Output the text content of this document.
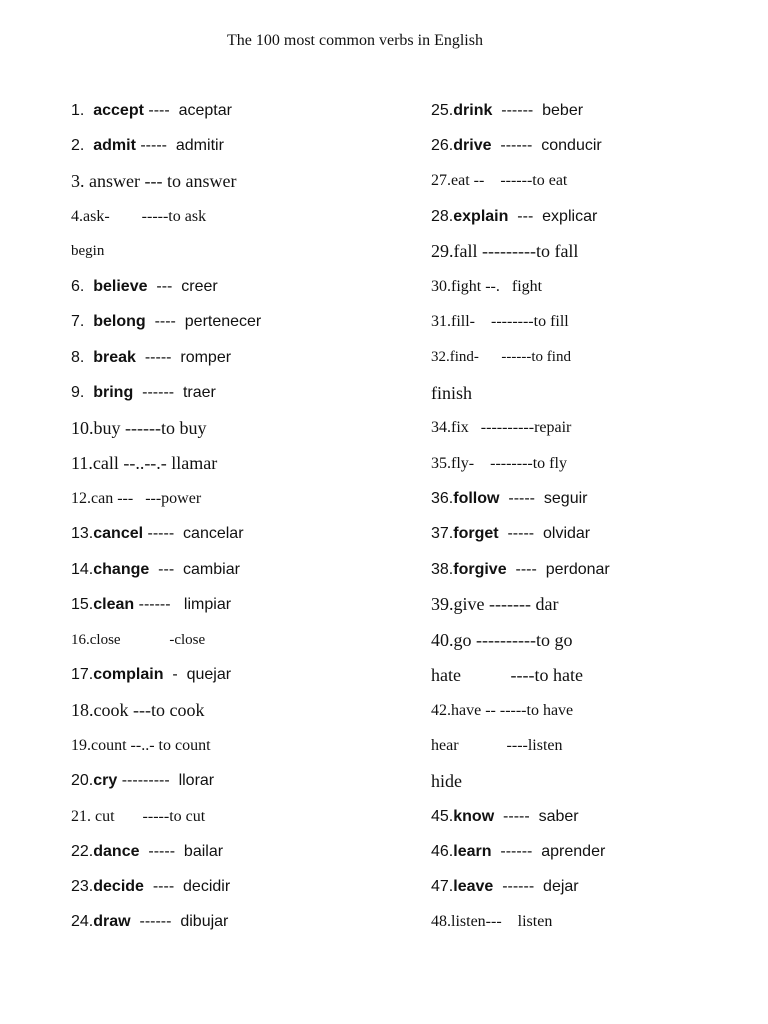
The 100 most common verbs in English
1. accept ----  aceptar
2. admit -----  admitir
3. answer --- to answer
4. ask -        -----to ask
begin
6. believe ---  creer
7. belong ----  pertenecer
8. break -----  romper
9. bring ------  traer
10. buy ------to buy
11. call --..--.- llamar
12. can ---   ---power
13. cancel -----  cancelar
14. change ---  cambiar
15. clean ------   limpiar
16. close -close
17. complain -  quejar
18. cook ---to cook
19. count --..- to count
20. cry ---------  llorar
21. cut -----to cut
22. dance -----  bailar
23. decide ----  decidir
24. draw ------  dibujar
25. drink ------  beber
26. drive ------  conducir
27. eat --    ------to eat
28. explain ---  explicar
29. fall ---------to fall
30. fight --.   fight
31. fill -    --------to fill
32. find -      ------to find
finish
34. fix ----------repair
35. fly -    --------to fly
36. follow -----  seguir
37. forget -----  olvidar
38. forgive ----  perdonar
39. give ------- dar
40. go ----------to go
hate ----to hate
42. have -- -----to have
hear ----listen
hide
45. know -----  saber
46. learn ------  aprender
47. leave ------  dejar
48. listen ---    listen
